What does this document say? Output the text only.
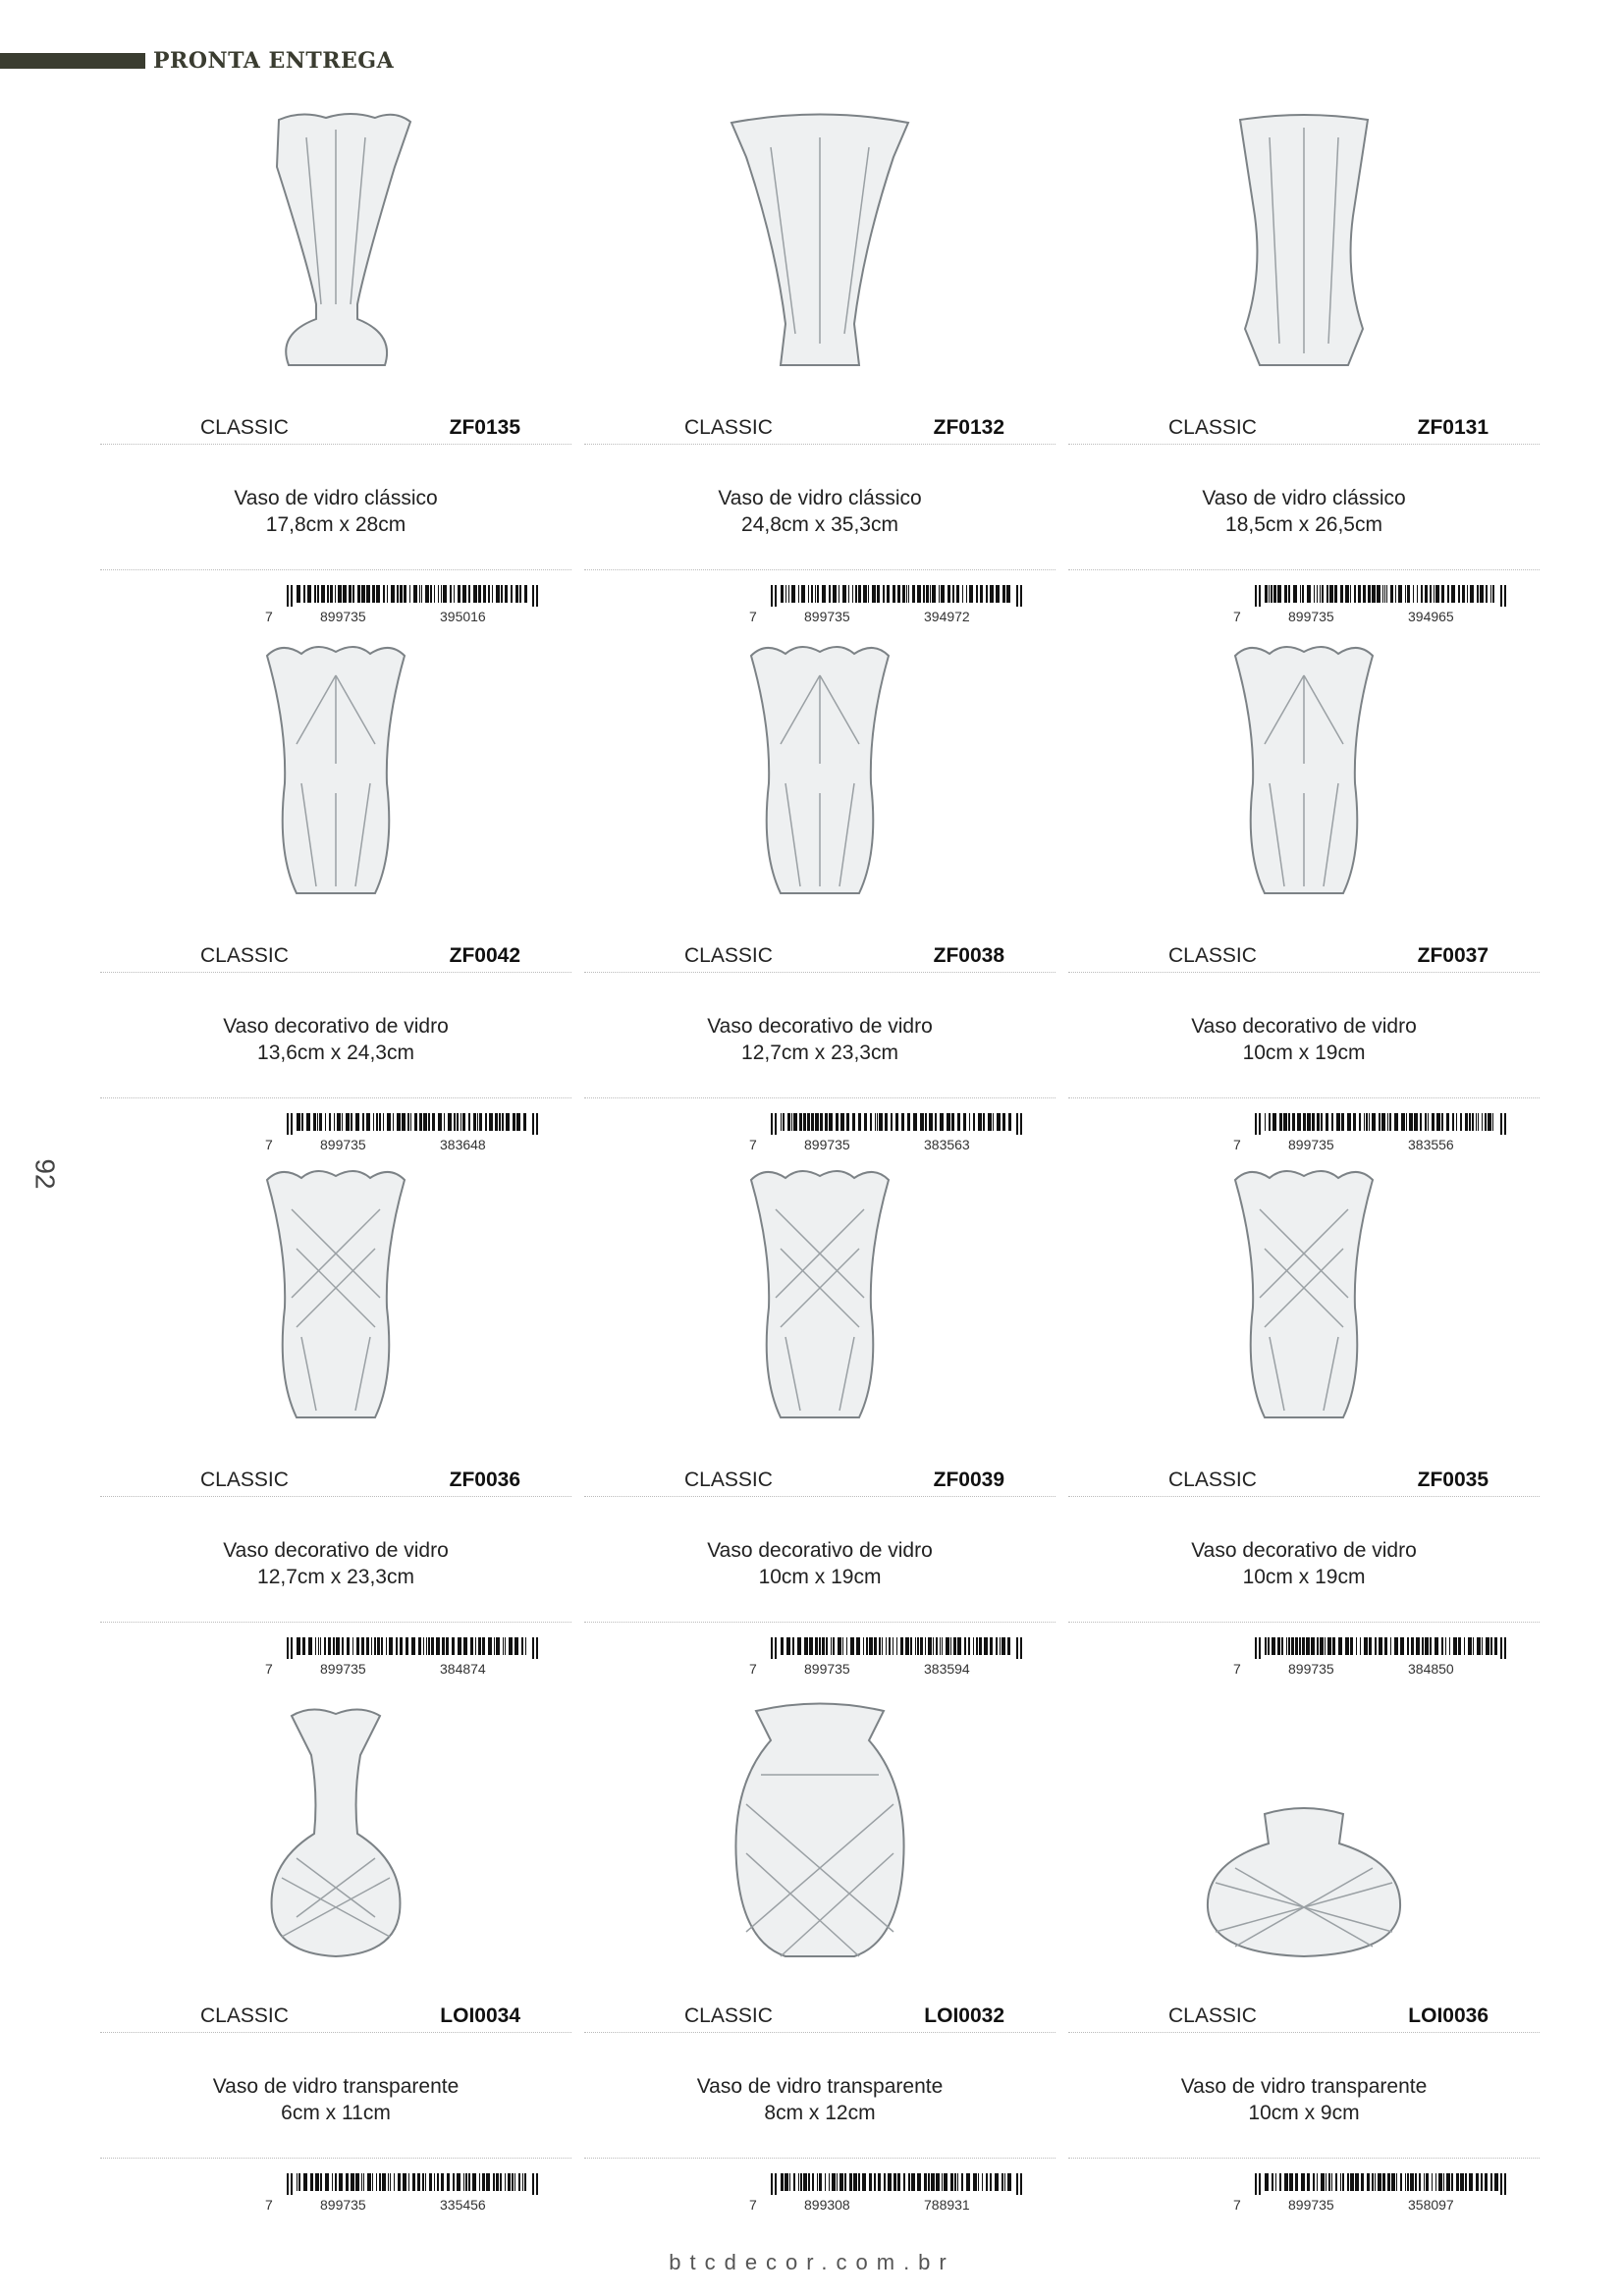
PRONTA ENTREGA
92
CLASSIC	ZF0135
Vaso de vidro clássico
17,8cm x 28cm
7	899735	395016
CLASSIC	ZF0132
Vaso de vidro clássico
24,8cm x 35,3cm
7	899735	394972
CLASSIC	ZF0131
Vaso de vidro clássico
18,5cm x 26,5cm
7	899735	394965
CLASSIC	ZF0042
Vaso decorativo de vidro
13,6cm x 24,3cm
7	899735	383648
CLASSIC	ZF0038
Vaso decorativo de vidro
12,7cm x 23,3cm
7	899735	383563
CLASSIC	ZF0037
Vaso decorativo de vidro
10cm x 19cm
7	899735	383556
CLASSIC	ZF0036
Vaso decorativo de vidro
12,7cm x 23,3cm
7	899735	384874
CLASSIC	ZF0039
Vaso decorativo de vidro
10cm x 19cm
7	899735	383594
CLASSIC	ZF0035
Vaso decorativo de vidro
10cm x 19cm
7	899735	384850
CLASSIC	LOI0034
Vaso de vidro transparente
6cm x 11cm
7	899735	335456
CLASSIC	LOI0032
Vaso de vidro transparente
8cm x 12cm
7	899308	788931
CLASSIC	LOI0036
Vaso de vidro transparente
10cm x 9cm
7	899735	358097
btcdecor.com.br
